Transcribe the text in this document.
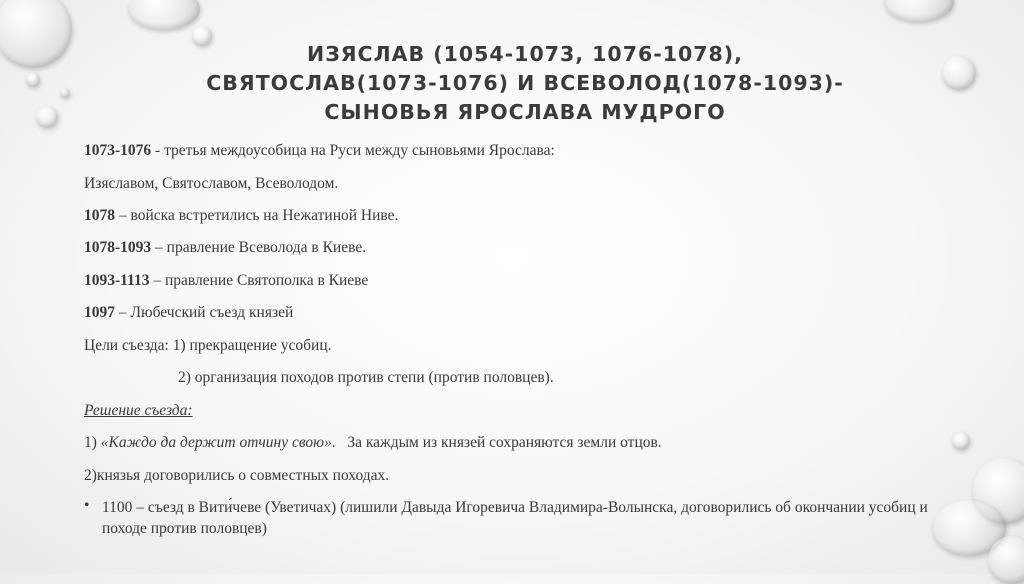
ИЗЯСЛАВ (1054-1073, 1076-1078),
СВЯТОСЛАВ(1073-1076) И ВСЕВОЛОД(1078-1093)-
СЫНОВЬЯ ЯРОСЛАВА МУДРОГО
1073-1076 - третья междоусобица на Руси между сыновьями Ярослава:
Изяславом, Святославом, Всеволодом.
1078 – войска встретились на Нежатиной Ниве.
1078-1093 – правление Всеволода в Киеве.
1093-1113 – правление Святополка в Киеве
1097 – Любечский съезд князей
Цели съезда: 1) прекращение усобиц.
2) организация походов против степи (против половцев).
Решение съезда:
1) «Каждо да держит отчину свою».   За каждым из князей сохраняются земли отцов.
2)князья договорились о совместных походах.
• 1100 – съезд в Вити́чеве (Уветичах) (лишили Давыда Игоревича Владимира-Волынска, договорились об окончании усобиц и походе против половцев)
